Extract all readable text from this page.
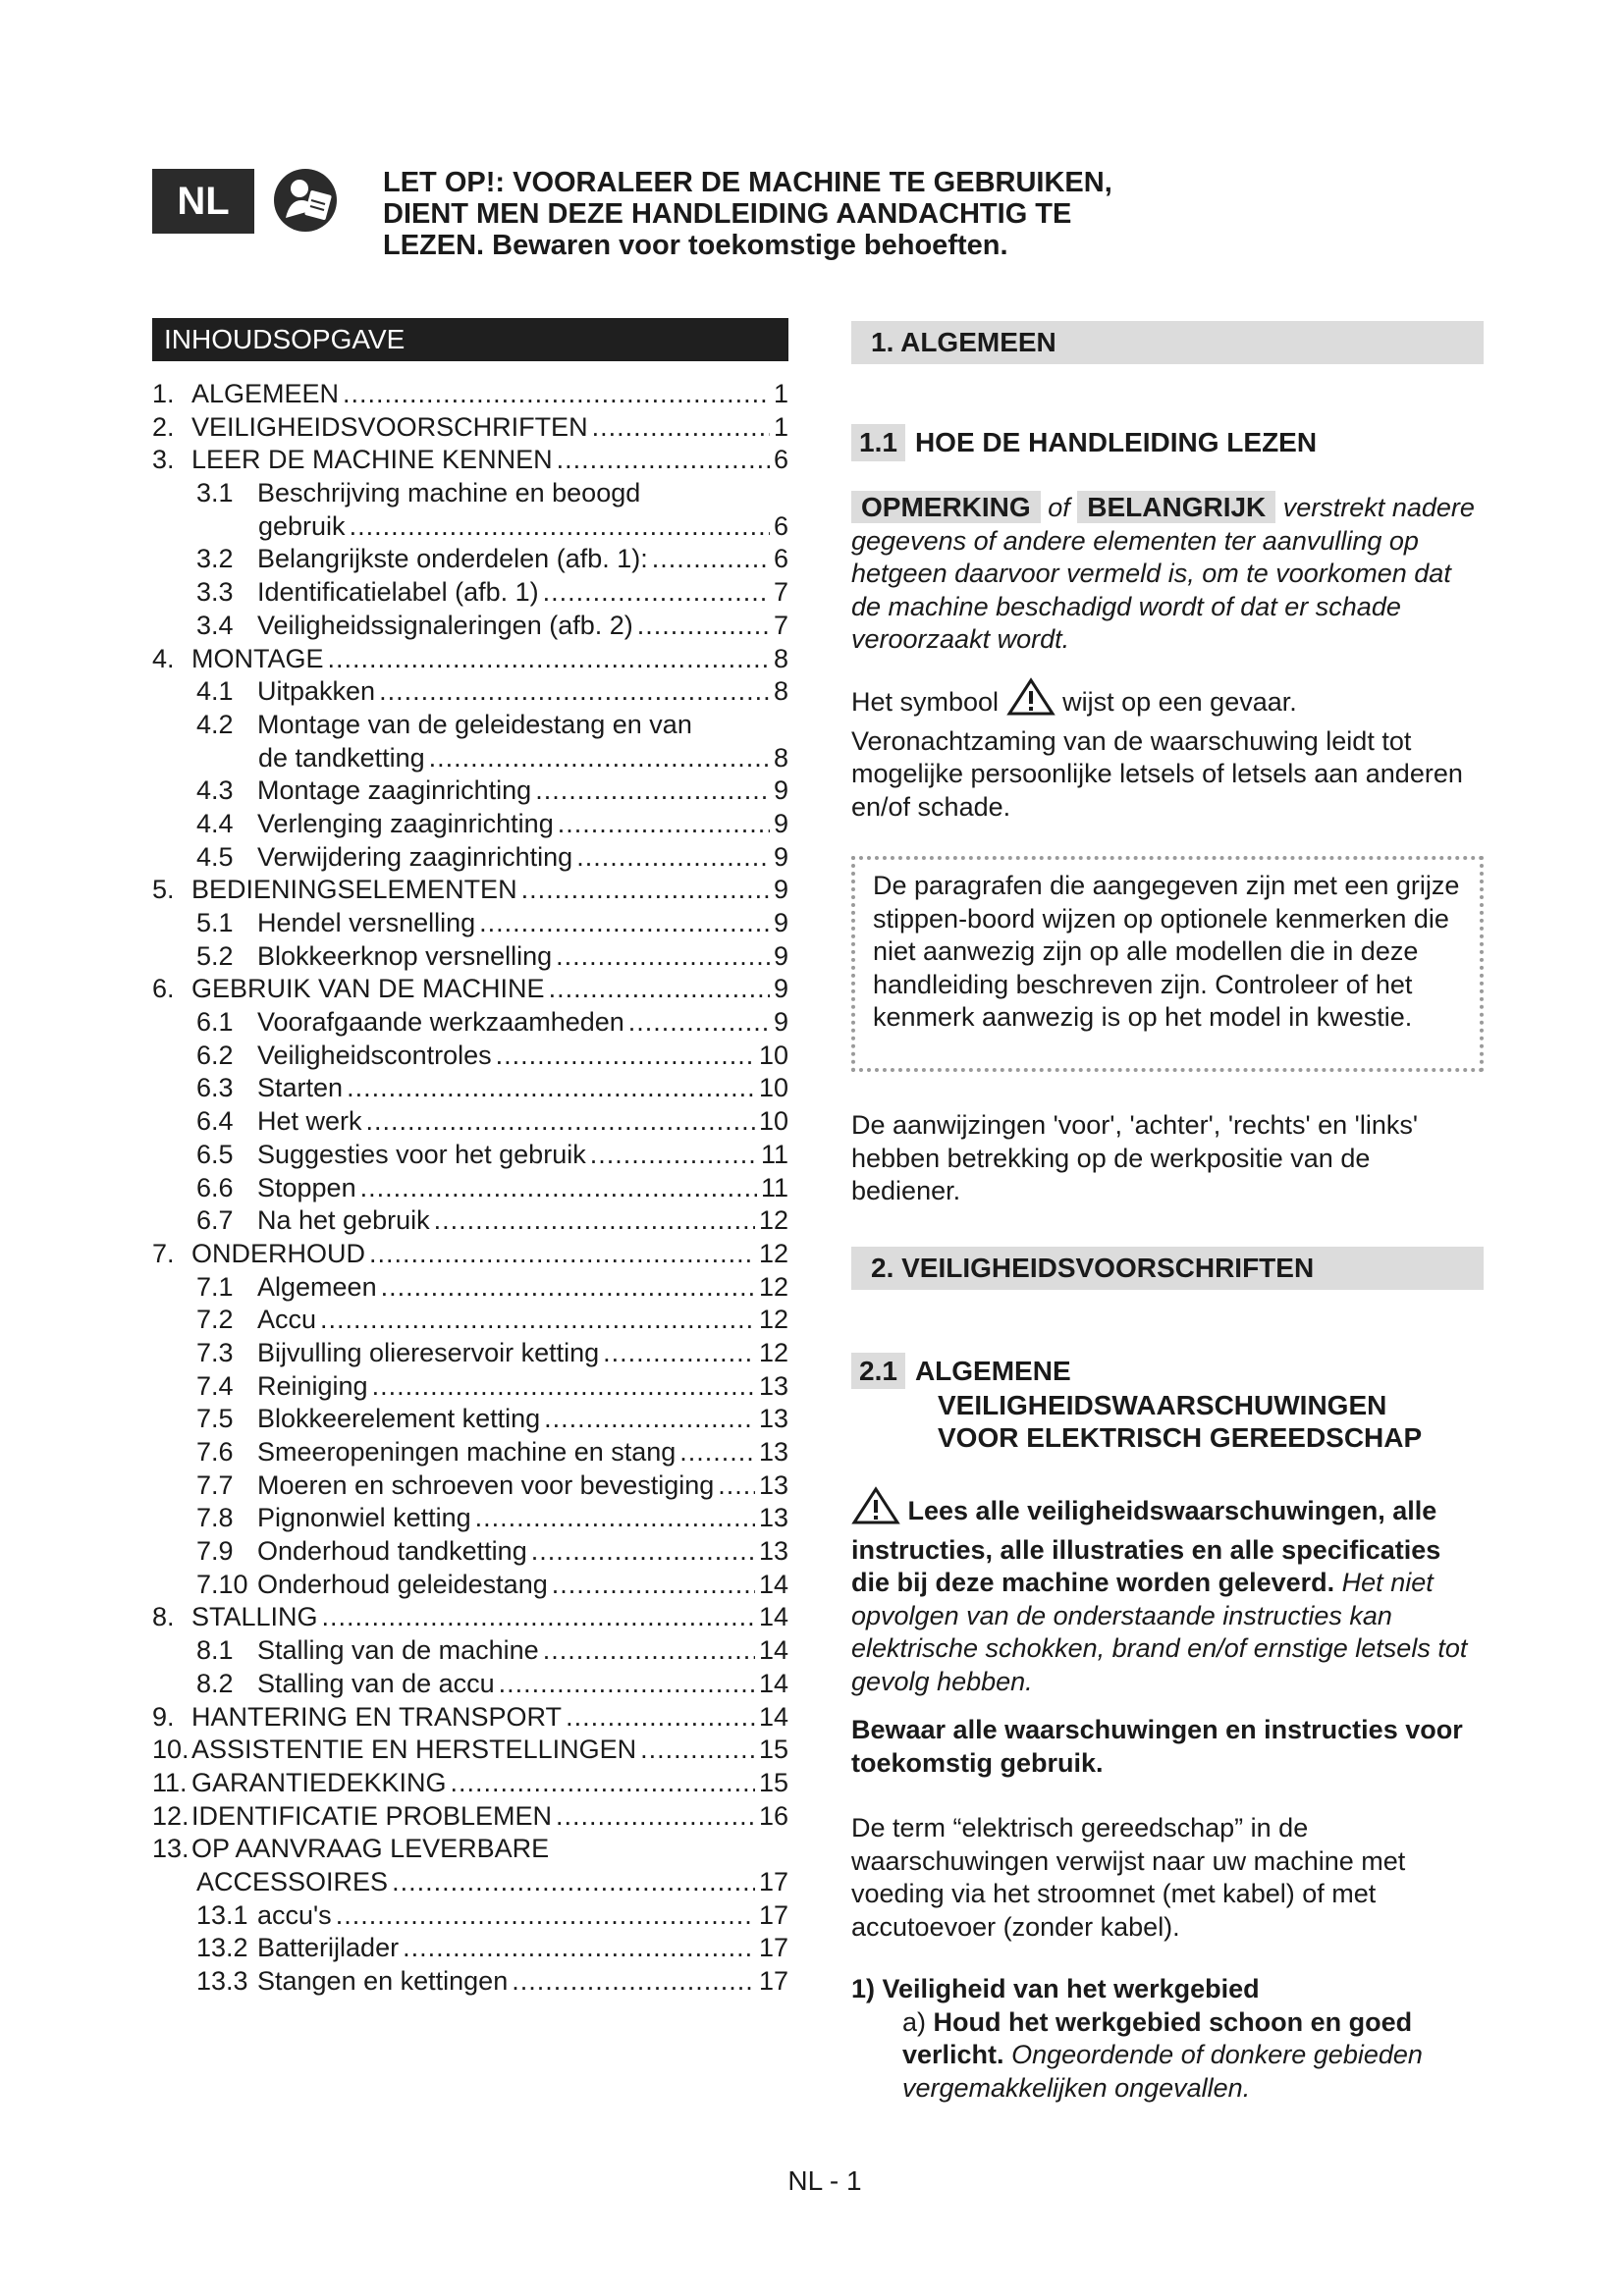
NL	LET OP!: VOORALEER DE MACHINE TE GEBRUIKEN,
DIENT MEN DEZE HANDLEIDING AANDACHTIG TE
LEZEN. Bewaren voor toekomstige behoeften.
INHOUDSOPGAVE
1. ALGEMEEN .....	1
2. VEILIGHEIDSVOORSCHRIFTEN .....	1
3. LEER DE MACHINE KENNEN .....	6
3.1 Beschrijving machine en beoogd
gebruik .....	6
3.2 Belangrijkste onderdelen (afb. 1): .....	6
3.3 Identificatielabel (afb. 1) .....	7
3.4 Veiligheidssignaleringen (afb. 2) .....	7
4. MONTAGE .....	8
4.1 Uitpakken .....	8
4.2 Montage van de geleidestang en van
de tandketting .....	8
4.3 Montage zaaginrichting .....	9
4.4 Verlenging zaaginrichting .....	9
4.5 Verwijdering zaaginrichting .....	9
5. BEDIENINGSELEMENTEN .....	9
5.1 Hendel versnelling .....	9
5.2 Blokkeerknop versnelling .....	9
6. GEBRUIK VAN DE MACHINE .....	9
6.1 Voorafgaande werkzaamheden .....	9
6.2 Veiligheidscontroles .....	10
6.3 Starten .....	10
6.4 Het werk .....	10
6.5 Suggesties voor het gebruik .....	11
6.6 Stoppen .....	11
6.7 Na het gebruik .....	12
7. ONDERHOUD .....	12
7.1 Algemeen .....	12
7.2 Accu .....	12
7.3 Bijvulling oliereservoir ketting .....	12
7.4 Reiniging .....	13
7.5 Blokkeerelement ketting .....	13
7.6 Smeeropeningen machine en stang .....	13
7.7 Moeren en schroeven voor bevestiging ..... 13
7.8 Pignonwiel ketting .....	13
7.9 Onderhoud tandketting .....	13
7.10 Onderhoud geleidestang .....	14
8. STALLING .....	14
8.1 Stalling van de machine .....	14
8.2 Stalling van de accu .....	14
9. HANTERING EN TRANSPORT .....	14
10. ASSISTENTIE EN HERSTELLINGEN .....	15
11. GARANTIEDEKKING .....	15
12. IDENTIFICATIE PROBLEMEN .....	16
13. OP AANVRAAG LEVERBARE
ACCESSOIRES .....	17
13.1 accu's .....	17
13.2 Batterijlader .....	17
13.3 Stangen en kettingen .....	17
1. ALGEMEEN
1.1 HOE DE HANDLEIDING LEZEN
OPMERKING of BELANGRIJK verstrekt nadere gegevens of andere elementen ter aanvulling op hetgeen daarvoor vermeld is, om te voorkomen dat de machine beschadigd wordt of dat er schade veroorzaakt wordt.
Het symbool wijst op een gevaar. Veronachtzaming van de waarschuwing leidt tot mogelijke persoonlijke letsels of letsels aan anderen en/of schade.
De paragrafen die aangegeven zijn met een grijze stippen-boord wijzen op optionele kenmerken die niet aanwezig zijn op alle modellen die in deze handleiding beschreven zijn. Controleer of het kenmerk aanwezig is op het model in kwestie.
De aanwijzingen 'voor', 'achter', 'rechts' en 'links' hebben betrekking op de werkpositie van de bediener.
2. VEILIGHEIDSVOORSCHRIFTEN
2.1 ALGEMENE
VEILIGHEIDSWAARSCHUWINGEN
VOOR ELEKTRISCH GEREEDSCHAP
Lees alle veiligheidswaarschuwingen, alle instructies, alle illustraties en alle specificaties die bij deze machine worden geleverd. Het niet opvolgen van de onderstaande instructies kan elektrische schokken, brand en/of ernstige letsels tot gevolg hebben.
Bewaar alle waarschuwingen en instructies voor toekomstig gebruik.
De term “elektrisch gereedschap” in de waarschuwingen verwijst naar uw machine met voeding via het stroomnet (met kabel) of met accutoevoer (zonder kabel).
1) Veiligheid van het werkgebied
a) Houd het werkgebied schoon en goed verlicht. Ongeordende of donkere gebieden vergemakkelijken ongevallen.
NL - 1
